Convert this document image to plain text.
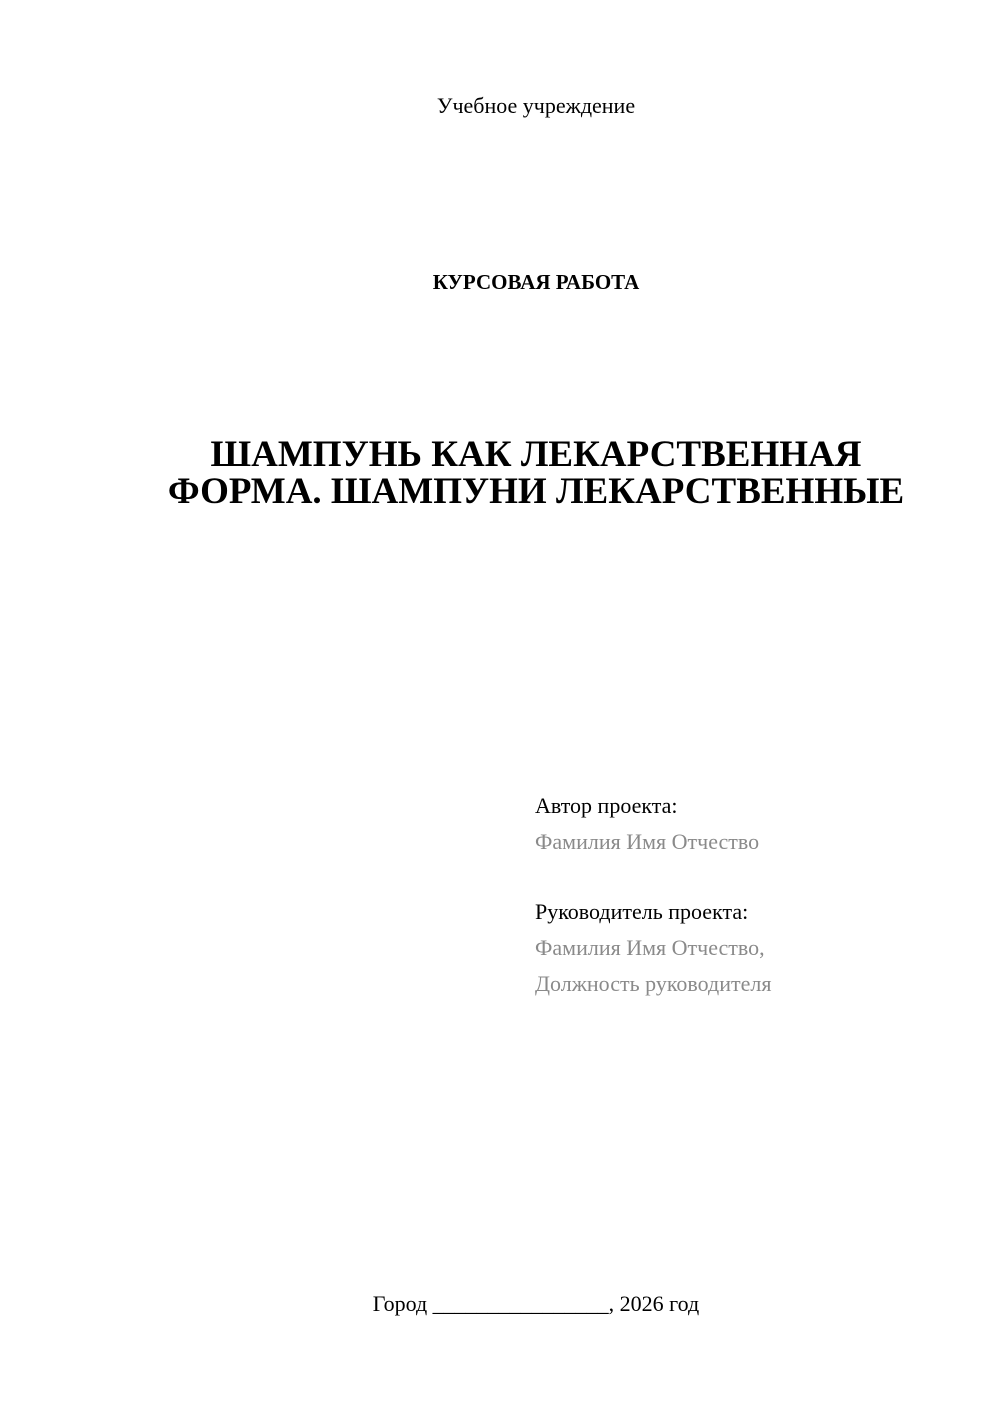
Учебное учреждение
КУРСОВАЯ РАБОТА
ШАМПУНЬ КАК ЛЕКАРСТВЕННАЯ
ФОРМА. ШАМПУНИ ЛЕКАРСТВЕННЫЕ
Автор проекта:
Фамилия Имя Отчество
Руководитель проекта:
Фамилия Имя Отчество,
Должность руководителя
Город ________________, 2026 год
